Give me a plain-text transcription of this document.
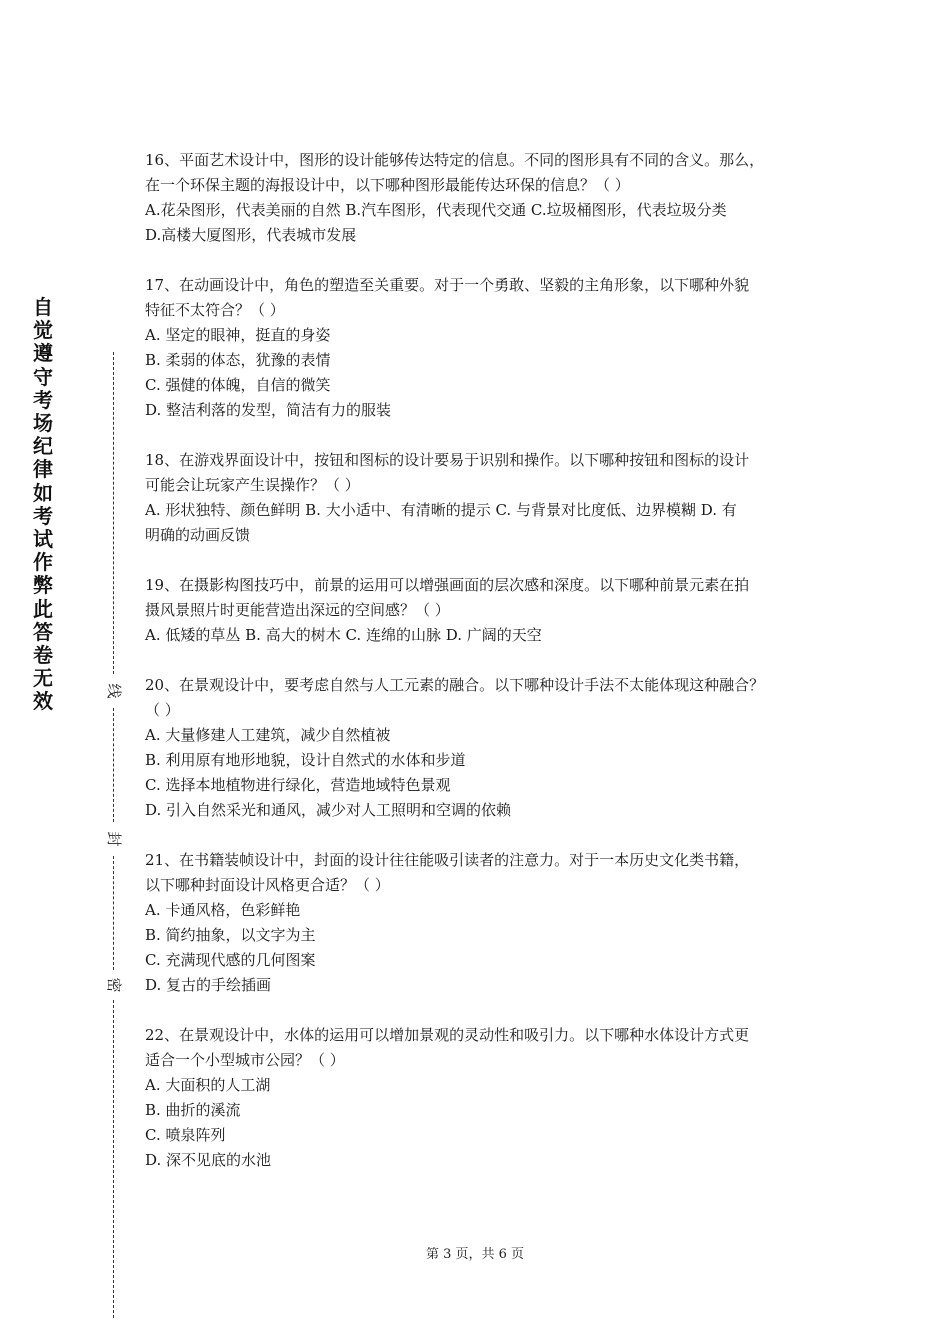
自觉遵守考场纪律如考试作弊此答卷无效	线
封
密
16、平面艺术设计中，图形的设计能够传达特定的信息。不同的图形具有不同的含义。那么，
在一个环保主题的海报设计中，以下哪种图形最能传达环保的信息？（ ）
A.花朵图形，代表美丽的自然 B.汽车图形，代表现代交通 C.垃圾桶图形，代表垃圾分类
D.高楼大厦图形，代表城市发展
17、在动画设计中，角色的塑造至关重要。对于一个勇敢、坚毅的主角形象，以下哪种外貌
特征不太符合？（ ）
A. 坚定的眼神，挺直的身姿
B. 柔弱的体态，犹豫的表情
C. 强健的体魄，自信的微笑
D. 整洁利落的发型，简洁有力的服装
18、在游戏界面设计中，按钮和图标的设计要易于识别和操作。以下哪种按钮和图标的设计
可能会让玩家产生误操作？（ ）
A. 形状独特、颜色鲜明 B. 大小适中、有清晰的提示 C. 与背景对比度低、边界模糊 D. 有
明确的动画反馈
19、在摄影构图技巧中，前景的运用可以增强画面的层次感和深度。以下哪种前景元素在拍
摄风景照片时更能营造出深远的空间感？（ ）
A. 低矮的草丛 B. 高大的树木 C. 连绵的山脉 D. 广阔的天空
20、在景观设计中，要考虑自然与人工元素的融合。以下哪种设计手法不太能体现这种融合？
（ ）
A. 大量修建人工建筑，减少自然植被
B. 利用原有地形地貌，设计自然式的水体和步道
C. 选择本地植物进行绿化，营造地域特色景观
D. 引入自然采光和通风，减少对人工照明和空调的依赖
21、在书籍装帧设计中，封面的设计往往能吸引读者的注意力。对于一本历史文化类书籍，
以下哪种封面设计风格更合适？（ ）
A. 卡通风格，色彩鲜艳
B. 简约抽象，以文字为主
C. 充满现代感的几何图案
D. 复古的手绘插画
22、在景观设计中，水体的运用可以增加景观的灵动性和吸引力。以下哪种水体设计方式更
适合一个小型城市公园？（ ）
A. 大面积的人工湖
B. 曲折的溪流
C. 喷泉阵列
D. 深不见底的水池
第 3 页，共 6 页
